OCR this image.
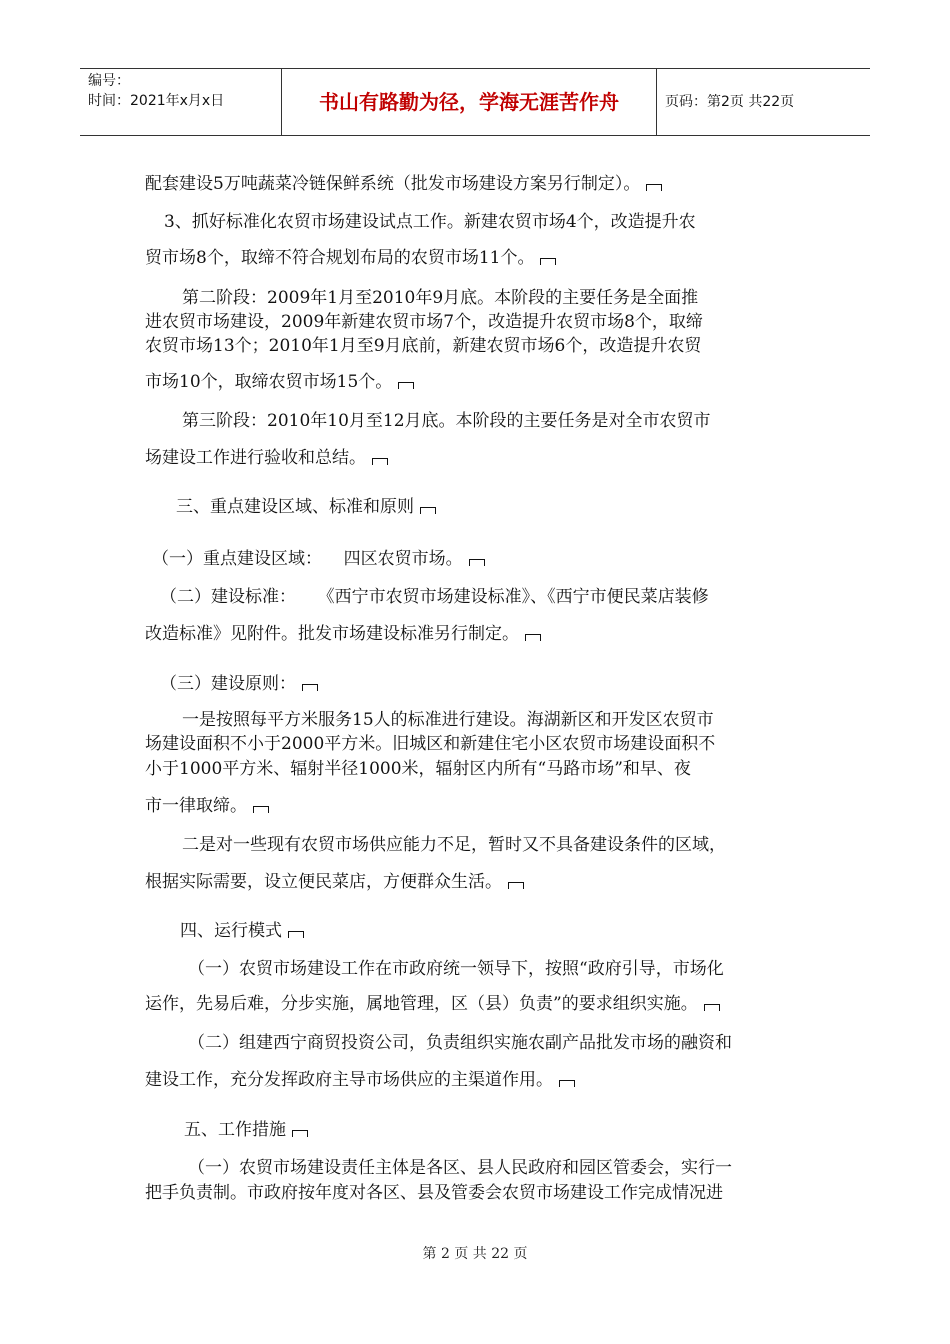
编号：
时间：2021年x月x日	书山有路勤为径，学海无涯苦作舟	页码：第2页 共22页
配套建设5万吨蔬菜冷链保鲜系统（批发市场建设方案另行制定）。
3、抓好标准化农贸市场建设试点工作。新建农贸市场4个，改造提升农
贸市场8个，取缔不符合规划布局的农贸市场11个。
第二阶段：2009年1月至2010年9月底。本阶段的主要任务是全面推
进农贸市场建设，2009年新建农贸市场7个，改造提升农贸市场8个，取缔
农贸市场13个；2010年1月至9月底前，新建农贸市场6个，改造提升农贸
市场10个，取缔农贸市场15个。
第三阶段：2010年10月至12月底。本阶段的主要任务是对全市农贸市
场建设工作进行验收和总结。
三、重点建设区域、标准和原则
（一）重点建设区域：    四区农贸市场。
（二）建设标准：    《西宁市农贸市场建设标准》、《西宁市便民菜店装修
改造标准》见附件。批发市场建设标准另行制定。
（三）建设原则：
一是按照每平方米服务15人的标准进行建设。海湖新区和开发区农贸市
场建设面积不小于2000平方米。旧城区和新建住宅小区农贸市场建设面积不
小于1000平方米、辐射半径1000米，辐射区内所有“马路市场”和早、夜
市一律取缔。
二是对一些现有农贸市场供应能力不足，暂时又不具备建设条件的区域，
根据实际需要，设立便民菜店，方便群众生活。
四、运行模式
（一）农贸市场建设工作在市政府统一领导下，按照“政府引导，市场化
运作，先易后难，分步实施，属地管理，区（县）负责”的要求组织实施。
（二）组建西宁商贸投资公司，负责组织实施农副产品批发市场的融资和
建设工作，充分发挥政府主导市场供应的主渠道作用。
五、工作措施
（一）农贸市场建设责任主体是各区、县人民政府和园区管委会，实行一
把手负责制。市政府按年度对各区、县及管委会农贸市场建设工作完成情况进
第 2 页 共 22 页
